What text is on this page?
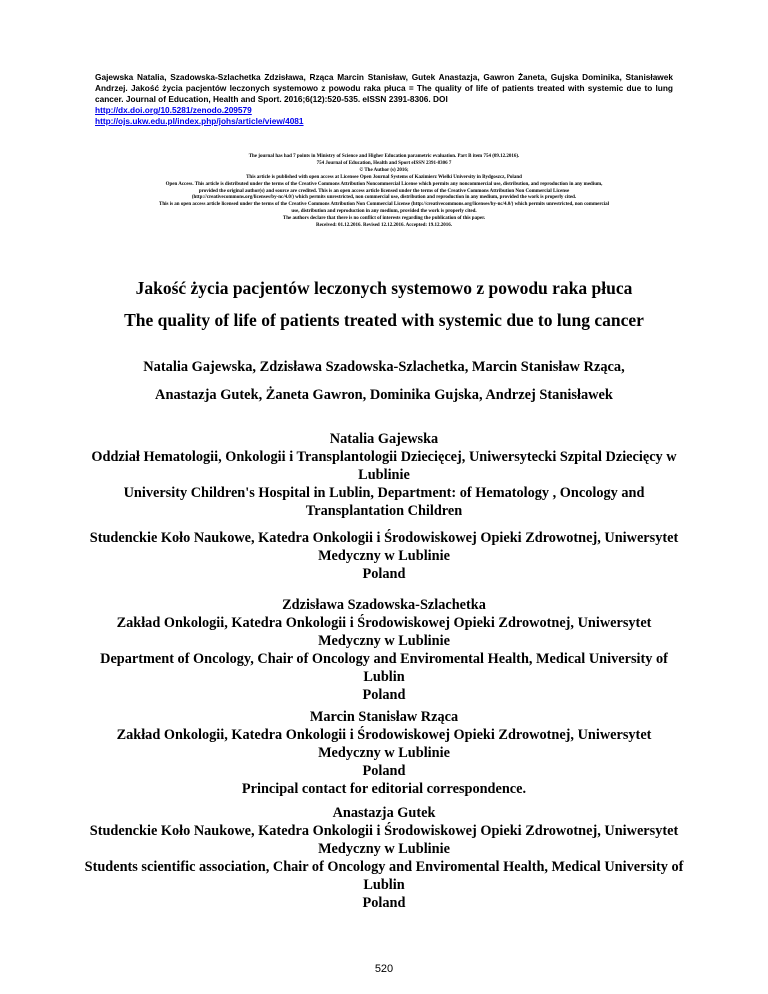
Gajewska Natalia, Szadowska-Szlachetka Zdzisława, Rząca Marcin Stanisław, Gutek Anastazja, Gawron Żaneta, Gujska Dominika, Stanisławek Andrzej. Jakość życia pacjentów leczonych systemowo z powodu raka płuca = The quality of life of patients treated with systemic due to lung cancer. Journal of Education, Health and Sport. 2016;6(12):520-535. eISSN 2391-8306. DOI
http://dx.doi.org/10.5281/zenodo.209579
http://ojs.ukw.edu.pl/index.php/johs/article/view/4081
The journal has had 7 points in Ministry of Science and Higher Education parametric evaluation. Part B item 754 (09.12.2016).
754 Journal of Education, Health and Sport eISSN 2391-8306 7
© The Author (s) 2016;
This article is published with open access at Licensee Open Journal Systems of Kazimierz Wielki University in Bydgoszcz, Poland
Open Access. This article is distributed under the terms of the Creative Commons Attribution Noncommercial License which permits any noncommercial use, distribution, and reproduction in any medium,
provided the original author(s) and source are credited. This is an open access article licensed under the terms of the Creative Commons Attribution Non Commercial License
(http://creativecommons.org/licenses/by-nc/4.0/) which permits unrestricted, non commercial use, distribution and reproduction in any medium, provided the work is properly cited.
This is an open access article licensed under the terms of the Creative Commons Attribution Non Commercial License (http://creativecommons.org/licenses/by-nc/4.0/) which permits unrestricted, non commercial
use, distribution and reproduction in any medium, provided the work is properly cited.
The authors declare that there is no conflict of interests regarding the publication of this paper.
Received: 01.12.2016. Revised 12.12.2016. Accepted: 19.12.2016.
Jakość życia pacjentów leczonych systemowo z powodu raka płuca
The quality of life of patients treated with systemic due to lung cancer
Natalia Gajewska, Zdzisława Szadowska-Szlachetka, Marcin Stanisław Rząca,
Anastazja Gutek, Żaneta Gawron, Dominika Gujska, Andrzej Stanisławek
Natalia Gajewska
Oddział Hematologii, Onkologii i Transplantologii Dziecięcej, Uniwersytecki Szpital Dziecięcy w Lublinie
University Children's Hospital in Lublin, Department: of Hematology , Oncology and Transplantation Children
Studenckie Koło Naukowe, Katedra Onkologii i Środowiskowej Opieki Zdrowotnej, Uniwersytet Medyczny w Lublinie
Poland
Zdzisława Szadowska-Szlachetka
Zakład Onkologii, Katedra Onkologii i Środowiskowej Opieki Zdrowotnej, Uniwersytet Medyczny w Lublinie
Department of Oncology, Chair of Oncology and Enviromental Health, Medical University of Lublin
Poland
Marcin Stanisław Rząca
Zakład Onkologii, Katedra Onkologii i Środowiskowej Opieki Zdrowotnej, Uniwersytet Medyczny w Lublinie
Poland
Principal contact for editorial correspondence.
Anastazja Gutek
Studenckie Koło Naukowe, Katedra Onkologii i Środowiskowej Opieki Zdrowotnej, Uniwersytet Medyczny w Lublinie
Students scientific association, Chair of Oncology and Enviromental Health, Medical University of Lublin
Poland
520
